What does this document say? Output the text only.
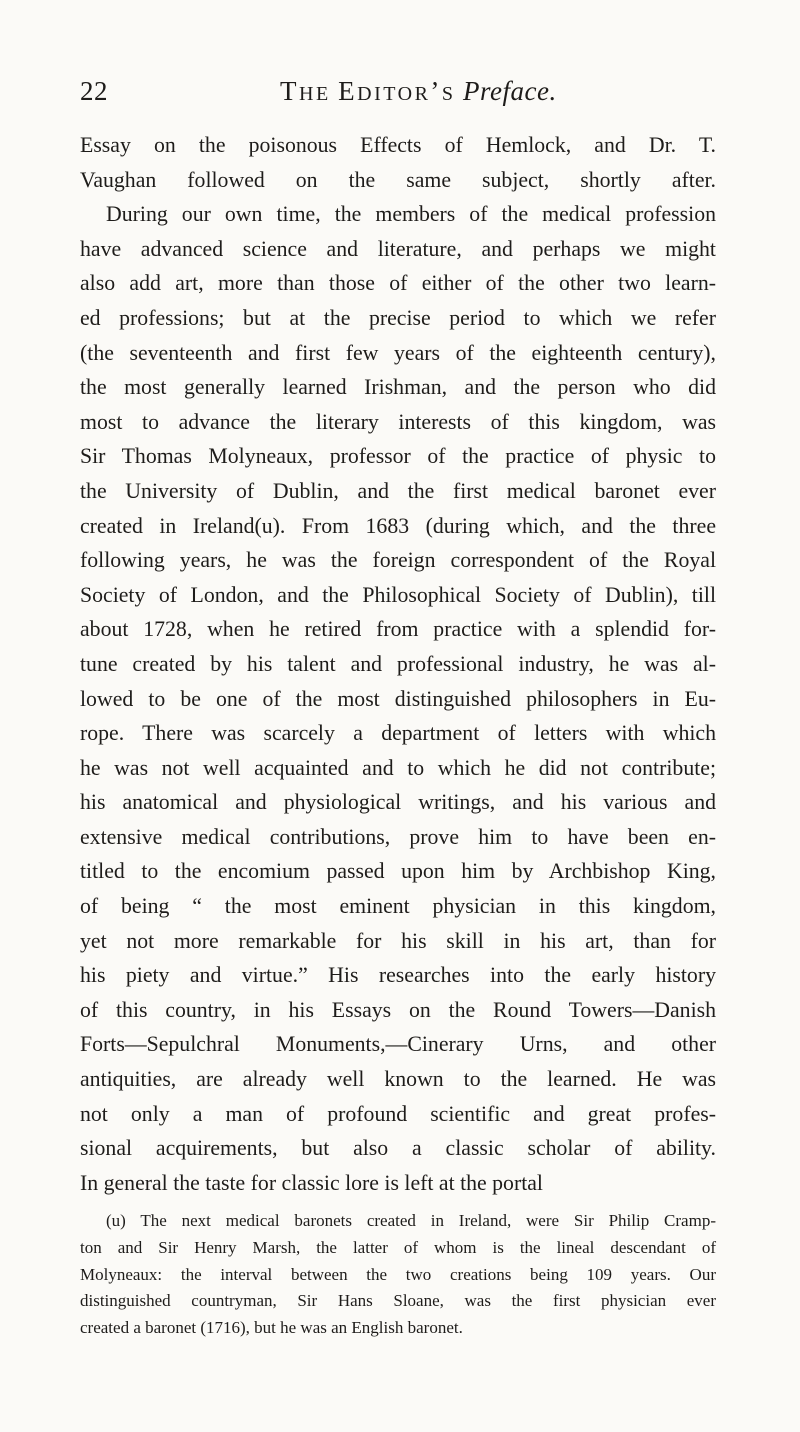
22	THE EDITOR’S Preface.
Essay on the poisonous Effects of Hemlock, and Dr. T.
Vaughan followed on the same subject, shortly after.
During our own time, the members of the medical profession
have advanced science and literature, and perhaps we might
also add art, more than those of either of the other two learn-
ed professions; but at the precise period to which we refer
(the seventeenth and first few years of the eighteenth century),
the most generally learned Irishman, and the person who did
most to advance the literary interests of this kingdom, was
Sir Thomas Molyneaux, professor of the practice of physic to
the University of Dublin, and the first medical baronet ever
created in Ireland(u). From 1683 (during which, and the three
following years, he was the foreign correspondent of the Royal
Society of London, and the Philosophical Society of Dublin), till
about 1728, when he retired from practice with a splendid for-
tune created by his talent and professional industry, he was al-
lowed to be one of the most distinguished philosophers in Eu-
rope. There was scarcely a department of letters with which
he was not well acquainted and to which he did not contribute;
his anatomical and physiological writings, and his various and
extensive medical contributions, prove him to have been en-
titled to the encomium passed upon him by Archbishop King,
of being “ the most eminent physician in this kingdom,
yet not more remarkable for his skill in his art, than for
his piety and virtue.” His researches into the early history
of this country, in his Essays on the Round Towers—Danish
Forts—Sepulchral Monuments,—Cinerary Urns, and other
antiquities, are already well known to the learned. He was
not only a man of profound scientific and great profes-
sional acquirements, but also a classic scholar of ability.
In general the taste for classic lore is left at the portal
(u) The next medical baronets created in Ireland, were Sir Philip Cramp-
ton and Sir Henry Marsh, the latter of whom is the lineal descendant of
Molyneaux: the interval between the two creations being 109 years. Our
distinguished countryman, Sir Hans Sloane, was the first physician ever
created a baronet (1716), but he was an English baronet.
